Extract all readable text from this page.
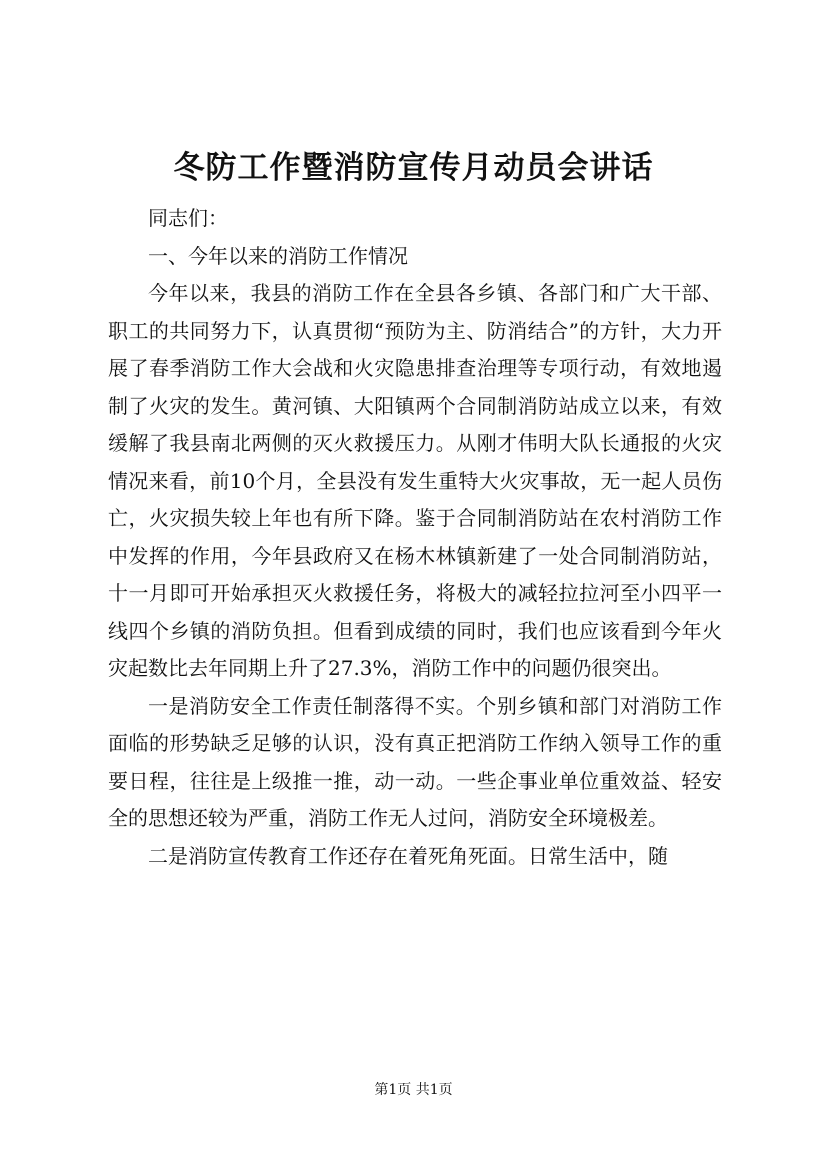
冬防工作暨消防宣传月动员会讲话

同志们：

一、今年以来的消防工作情况

今年以来，我县的消防工作在全县各乡镇、各部门和广大干部、职工的共同努力下，认真贯彻“预防为主、防消结合”的方针，大力开展了春季消防工作大会战和火灾隐患排查治理等专项行动，有效地遏制了火灾的发生。黄河镇、大阳镇两个合同制消防站成立以来，有效缓解了我县南北两侧的灭火救援压力。从刚才伟明大队长通报的火灾情况来看，前10个月，全县没有发生重特大火灾事故，无一起人员伤亡，火灾损失较上年也有所下降。鉴于合同制消防站在农村消防工作中发挥的作用，今年县政府又在杨木林镇新建了一处合同制消防站，十一月即可开始承担灭火救援任务，将极大的减轻拉拉河至小四平一线四个乡镇的消防负担。但看到成绩的同时，我们也应该看到今年火灾起数比去年同期上升了27.3%，消防工作中的问题仍很突出。

一是消防安全工作责任制落得不实。个别乡镇和部门对消防工作面临的形势缺乏足够的认识，没有真正把消防工作纳入领导工作的重要日程，往往是上级推一推，动一动。一些企事业单位重效益、轻安全的思想还较为严重，消防工作无人过问，消防安全环境极差。

二是消防宣传教育工作还存在着死角死面。日常生活中，随

第1页 共1页
